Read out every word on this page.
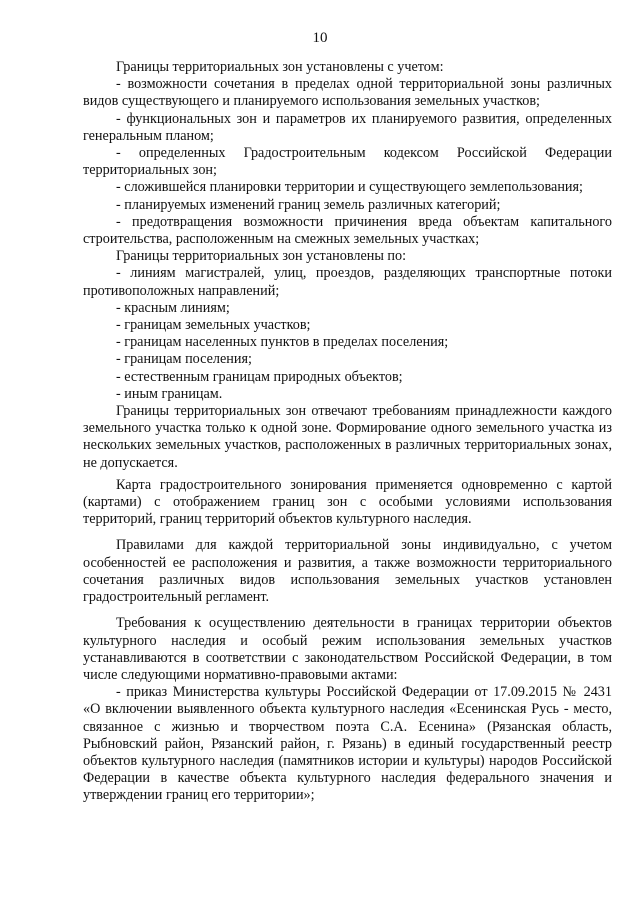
10

Границы территориальных зон установлены с учетом:

- возможности сочетания в пределах одной территориальной зоны различных видов существующего и планируемого использования земельных участков;

- функциональных зон и параметров их планируемого развития, определенных генеральным планом;

- определенных Градостроительным кодексом Российской Федерации территориальных зон;

- сложившейся планировки территории и существующего землепользования;

- планируемых изменений границ земель различных категорий;

- предотвращения возможности причинения вреда объектам капитального строительства, расположенным на смежных земельных участках;

Границы территориальных зон установлены по:

- линиям магистралей, улиц, проездов, разделяющих транспортные потоки противоположных направлений;

- красным линиям;

- границам земельных участков;

- границам населенных пунктов в пределах поселения;

- границам поселения;

- естественным границам природных объектов;

- иным границам.

Границы территориальных зон отвечают требованиям принадлежности каждого земельного участка только к одной зоне. Формирование одного земельного участка из нескольких земельных участков, расположенных в различных территориальных зонах, не допускается.

Карта градостроительного зонирования применяется одновременно с картой (картами) с отображением границ зон с особыми условиями использования территорий, границ территорий объектов культурного наследия.

Правилами для каждой территориальной зоны индивидуально, с учетом особенностей ее расположения и развития, а также возможности территориального сочетания различных видов использования земельных участков установлен градостроительный регламент.

Требования к осуществлению деятельности в границах территории объектов культурного наследия и особый режим использования земельных участков устанавливаются в соответствии с законодательством Российской Федерации, в том числе следующими нормативно-правовыми актами:

- приказ Министерства культуры Российской Федерации от 17.09.2015 № 2431 «О включении выявленного объекта культурного наследия «Есенинская Русь - место, связанное с жизнью и творчеством поэта С.А. Есенина» (Рязанская область, Рыбновский район, Рязанский район, г. Рязань) в единый государственный реестр объектов культурного наследия (памятников истории и культуры) народов Российской Федерации в качестве объекта культурного наследия федерального значения и утверждении границ его территории»;
